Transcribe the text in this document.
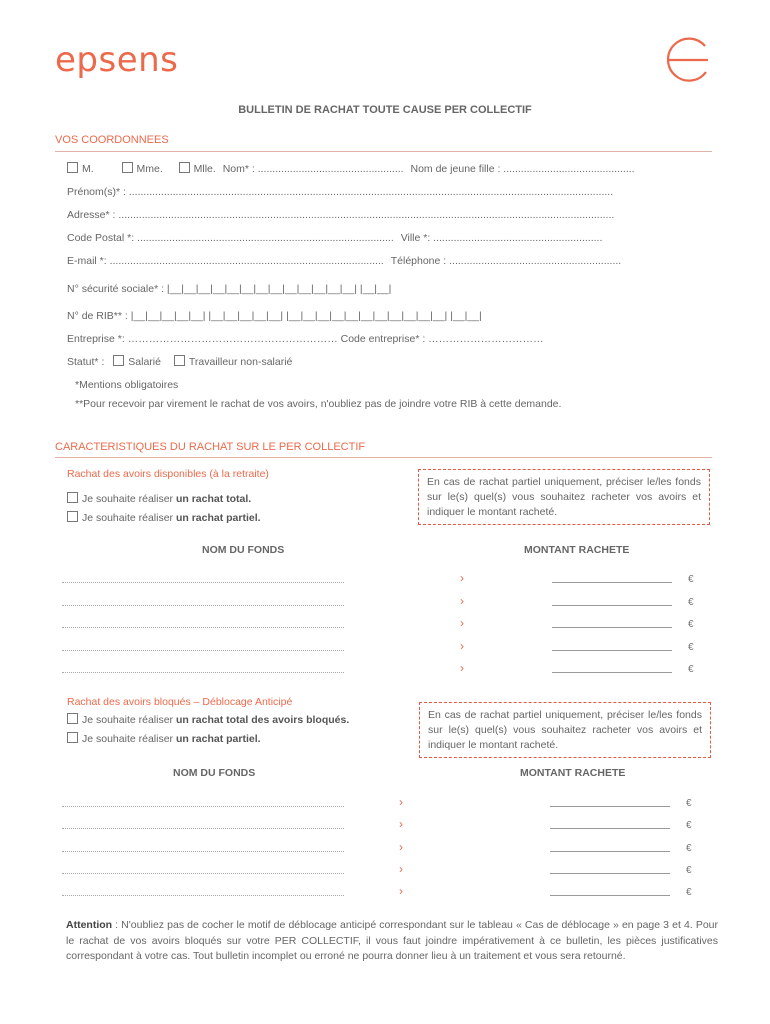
epsens
BULLETIN DE RACHAT TOUTE CAUSE PER COLLECTIF
VOS COORDONNEES
M.	Mme.	Mlle. Nom* : .................................................. Nom de jeune fille : .............................................
Prénom(s)* : ......................................................................................................................................................................
Adresse* : ..........................................................................................................................................................................
Code Postal *: ........................................................................................ Ville *: ..........................................................
E-mail *: .............................................................................................. Téléphone : ...........................................................
N° sécurité sociale* : |__|__|__|__|__|__|__|__|__|__|__|__|__| |__|__|
N° de RIB** : |__|__|__|__|__| |__|__|__|__|__| |__|__|__|__|__|__|__|__|__|__|__| |__|__|
Entreprise *: …………………………………………………… Code entreprise* : ……………………………
Statut* : Salarié	Travailleur non-salarié
*Mentions obligatoires
**Pour recevoir par virement le rachat de vos avoirs, n'oubliez pas de joindre votre RIB à cette demande.
CARACTERISTIQUES DU RACHAT SUR LE PER COLLECTIF
Rachat des avoirs disponibles (à la retraite)
Je souhaite réaliser un rachat total.
Je souhaite réaliser un rachat partiel.
En cas de rachat partiel uniquement, préciser le/les fonds sur le(s) quel(s) vous souhaitez racheter vos avoirs et indiquer le montant racheté.
NOM DU FONDS	MONTANT RACHETE
›	€
›	€
›	€
›	€
›	€
Rachat des avoirs bloqués – Déblocage Anticipé
Je souhaite réaliser un rachat total des avoirs bloqués.
Je souhaite réaliser un rachat partiel.
En cas de rachat partiel uniquement, préciser le/les fonds sur le(s) quel(s) vous souhaitez racheter vos avoirs et indiquer le montant racheté.
NOM DU FONDS	MONTANT RACHETE
›	€
›	€
›	€
›	€
›	€
Attention : N'oubliez pas de cocher le motif de déblocage anticipé correspondant sur le tableau « Cas de déblocage » en page 3 et 4. Pour le rachat de vos avoirs bloqués sur votre PER COLLECTIF, il vous faut joindre impérativement à ce bulletin, les pièces justificatives correspondant à votre cas. Tout bulletin incomplet ou erroné ne pourra donner lieu à un traitement et vous sera retourné.
